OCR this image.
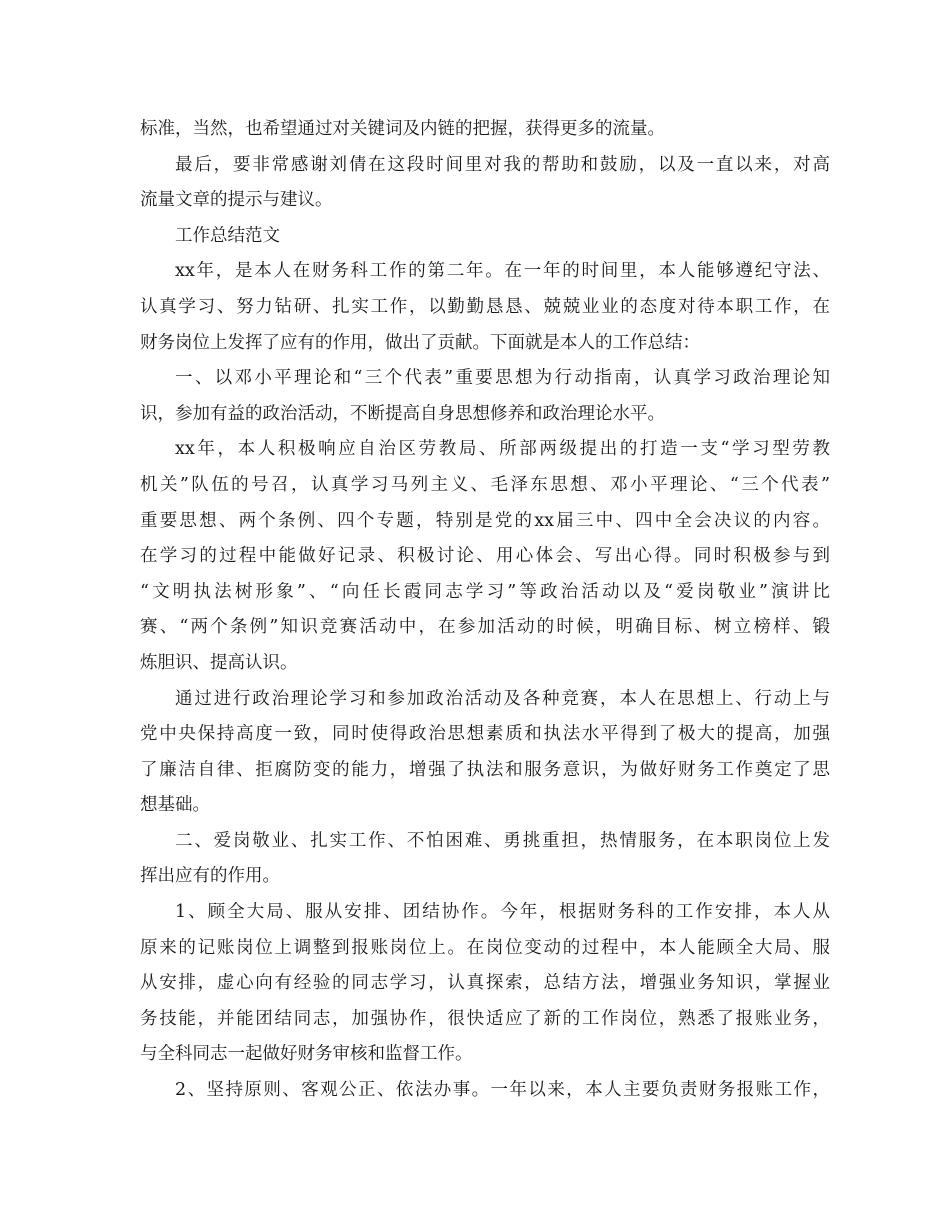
标准，当然，也希望通过对关键词及内链的把握，获得更多的流量。
最后，要非常感谢刘倩在这段时间里对我的帮助和鼓励，以及一直以来，对高
流量文章的提示与建议。
工作总结范文
xx年，是本人在财务科工作的第二年。在一年的时间里，本人能够遵纪守法、
认真学习、努力钻研、扎实工作，以勤勤恳恳、兢兢业业的态度对待本职工作，在
财务岗位上发挥了应有的作用，做出了贡献。下面就是本人的工作总结：
一、以邓小平理论和“三个代表”重要思想为行动指南，认真学习政治理论知
识，参加有益的政治活动，不断提高自身思想修养和政治理论水平。
xx年，本人积极响应自治区劳教局、所部两级提出的打造一支“学习型劳教
机关”队伍的号召，认真学习马列主义、毛泽东思想、邓小平理论、“三个代表”
重要思想、两个条例、四个专题，特别是党的xx届三中、四中全会决议的内容。
在学习的过程中能做好记录、积极讨论、用心体会、写出心得。同时积极参与到
“文明执法树形象”、“向任长霞同志学习”等政治活动以及“爱岗敬业”演讲比
赛、“两个条例”知识竞赛活动中，在参加活动的时候，明确目标、树立榜样、锻
炼胆识、提高认识。
通过进行政治理论学习和参加政治活动及各种竞赛，本人在思想上、行动上与
党中央保持高度一致，同时使得政治思想素质和执法水平得到了极大的提高，加强
了廉洁自律、拒腐防变的能力，增强了执法和服务意识，为做好财务工作奠定了思
想基础。
二、爱岗敬业、扎实工作、不怕困难、勇挑重担，热情服务，在本职岗位上发
挥出应有的作用。
1、顾全大局、服从安排、团结协作。今年，根据财务科的工作安排，本人从
原来的记账岗位上调整到报账岗位上。在岗位变动的过程中，本人能顾全大局、服
从安排，虚心向有经验的同志学习，认真探索，总结方法，增强业务知识，掌握业
务技能，并能团结同志，加强协作，很快适应了新的工作岗位，熟悉了报账业务，
与全科同志一起做好财务审核和监督工作。
2、坚持原则、客观公正、依法办事。一年以来，本人主要负责财务报账工作，
